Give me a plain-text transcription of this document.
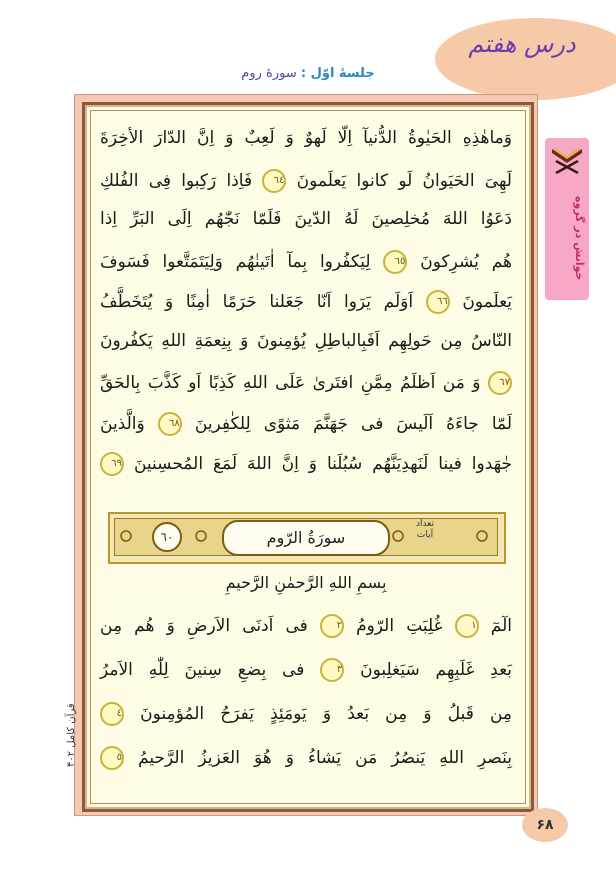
درس هفتم
جلسهٔ اوّل : سورهٔ روم
خوانش در گروه
وَماهٰذِهِ الحَيٰوةُ الدُّنيآ اِلّا لَهوٌ وَ لَعِبٌ وَ اِنَّ الدّارَ الأخِرَةَ
لَهِىَ الحَيَوانُ لَو كانوا يَعلَمونَ ٦٤ فَاِذا رَكِبوا فِى الفُلكِ
دَعَوُا اللهَ مُخلِصينَ لَهُ الدّينَ فَلَمّا نَجّٰهُم اِلَى البَرِّ اِذا
هُم يُشرِكونَ ٦٥ لِيَكفُروا بِمآ اٰتَينٰهُم وَلِيَتَمَتَّعوا فَسَوفَ
يَعلَمونَ ٦٦ اَوَلَم يَرَوا اَنّا جَعَلنا حَرَمًا اٰمِنًا وَ يُتَخَطَّفُ
النّاسُ مِن حَولِهِم اَفَبِالباطِلِ يُؤمِنونَ وَ بِنِعمَةِ اللهِ يَكفُرونَ
٦٧ وَ مَن اَظلَمُ مِمَّنِ افتَرىٰ عَلَى اللهِ كَذِبًا اَو كَذَّبَ بِالحَقِّ
لَمّا جاءَهُ اَلَيسَ فى جَهَنَّمَ مَثوًى لِلكٰفِرينَ ٦٨ وَالَّذينَ
جٰهَدوا فينا لَنَهدِيَنَّهُم سُبُلَنا وَ اِنَّ اللهَ لَمَعَ المُحسِنينَ ٦٩
٦٠	سورَةُ الرّوم
تعداد آیات
بِسمِ اللهِ الرَّحمٰنِ الرَّحيمِ
الٓمٓ ١ غُلِبَتِ الرّومُ ٢ فى اَدنَى الاَرضِ وَ هُم مِن
بَعدِ غَلَبِهِم سَيَغلِبونَ ٣ فى بِضعِ سِنينَ لِلّٰهِ الاَمرُ
مِن قَبلُ وَ مِن بَعدُ وَ يَومَئِذٍ يَفرَحُ المُؤمِنونَ ٤
بِنَصرِ اللهِ يَنصُرُ مَن يَشاءُ وَ هُوَ العَزيزُ الرَّحيمُ ٥
قرآن کامل ۴۰۲
۶۸
